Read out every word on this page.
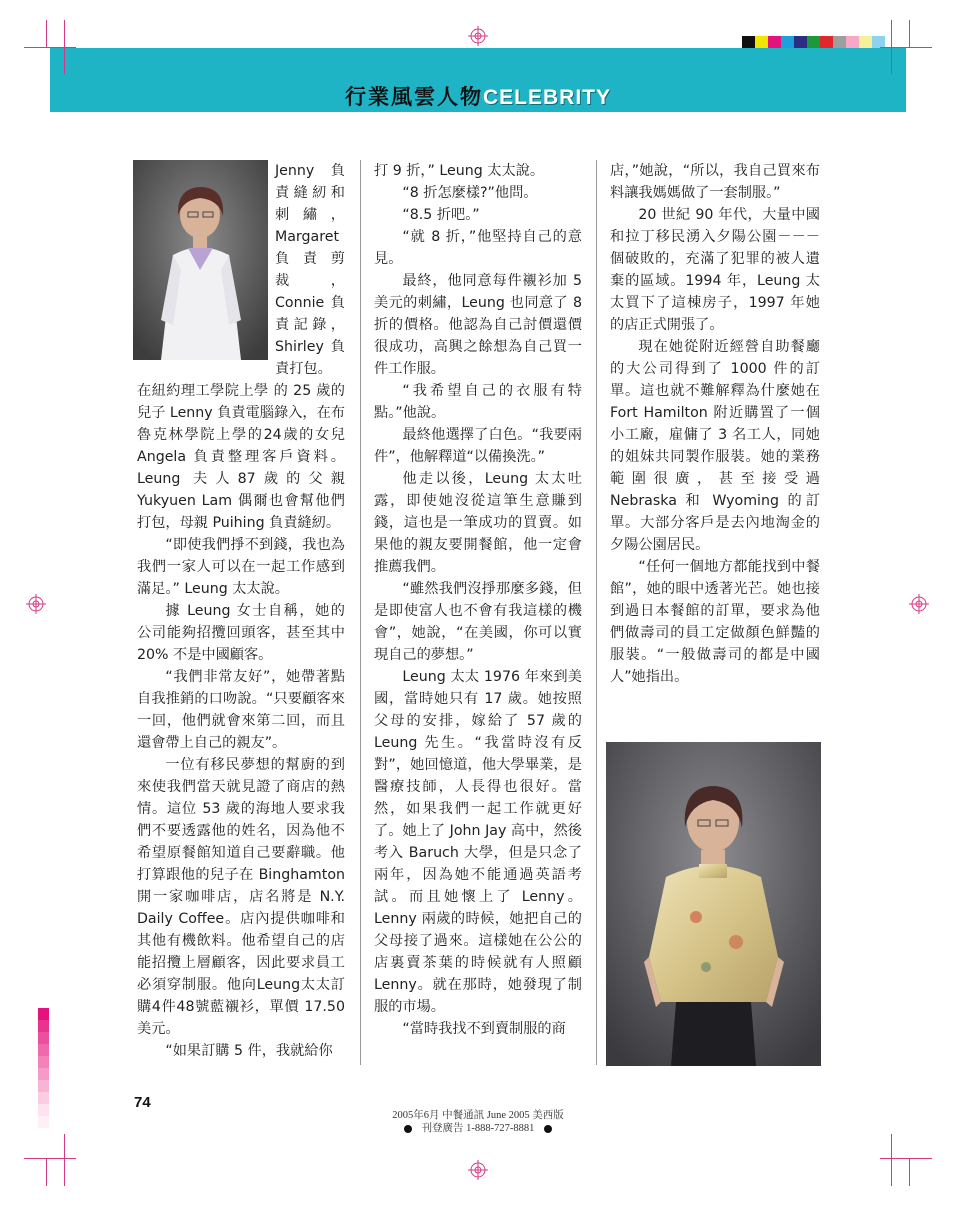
行業風雲人物CELEBRITY

Jenny 負責縫紉和刺繡，Margaret 負責剪裁，Connie 負責記錄，Shirley 負責打包。

在紐約理工學院上學 的 25 歲的兒子 Lenny 負責電腦錄入，在布魯克林學院上學的24歲的女兒 Angela 負責整理客戶資料。Leung 夫人87歲的父親Yukyuen Lam 偶爾也會幫他們打包，母親 Puihing 負責縫紉。

“即使我們掙不到錢，我也為我們一家人可以在一起工作感到滿足。” Leung 太太說。

據 Leung 女士自稱，她的公司能夠招攬回頭客，甚至其中 20% 不是中國顧客。

“我們非常友好”，她帶著點自我推銷的口吻說。“只要顧客來一回，他們就會來第二回，而且還會帶上自己的親友”。

一位有移民夢想的幫廚的到來使我們當天就見證了商店的熱情。這位 53 歲的海地人要求我們不要透露他的姓名，因為他不希望原餐館知道自己要辭職。他打算跟他的兒子在 Binghamton 開一家咖啡店，店名將是 N.Y. Daily Coffee。店內提供咖啡和其他有機飲料。他希望自己的店能招攬上層顧客，因此要求員工必須穿制服。他向Leung太太訂購4件48號藍襯衫，單價 17.50 美元。

“如果訂購 5 件，我就給你

打 9 折，” Leung 太太說。

“8 折怎麼樣?”他問。

“8.5 折吧。”

“就 8 折，”他堅持自己的意見。

最終，他同意每件襯衫加 5 美元的刺繡，Leung 也同意了 8 折的價格。他認為自己討價還價很成功，高興之餘想為自己買一件工作服。

“我希望自己的衣服有特點。”他說。

最終他選擇了白色。“我要兩件”，他解釋道“以備換洗。”

他走以後，Leung 太太吐露，即使她沒從這筆生意賺到錢，這也是一筆成功的買賣。如果他的親友要開餐館，他一定會推薦我們。

“雖然我們沒掙那麼多錢，但是即使富人也不會有我這樣的機會”，她說，“在美國，你可以實現自己的夢想。”

Leung 太太 1976 年來到美國，當時她只有 17 歲。她按照父母的安排，嫁給了 57 歲的 Leung 先生。“我當時沒有反對”，她回憶道，他大學畢業，是醫療技師，人長得也很好。當然，如果我們一起工作就更好了。她上了 John Jay 高中，然後考入 Baruch 大學，但是只念了兩年，因為她不能通過英語考試。而且她懷上了 Lenny。Lenny 兩歲的時候，她把自己的父母接了過來。這樣她在公公的店裏賣茶葉的時候就有人照顧 Lenny。就在那時，她發現了制服的市場。

“當時我找不到賣制服的商

店，”她說，“所以，我自己買來布料讓我媽媽做了一套制服。”

20 世紀 90 年代，大量中國和拉丁移民湧入夕陽公園－－－個破敗的，充滿了犯罪的被人遺棄的區域。1994 年，Leung 太太買下了這棟房子，1997 年她的店正式開張了。

現在她從附近經營自助餐廳的大公司得到了 1000 件的訂單。這也就不難解釋為什麼她在 Fort Hamilton 附近購置了一個小工廠，雇傭了 3 名工人，同她的姐妹共同製作服裝。她的業務範圍很廣，甚至接受過 Nebraska 和 Wyoming 的訂單。大部分客戶是去內地淘金的夕陽公園居民。

“任何一個地方都能找到中餐館”，她的眼中透著光芒。她也接到過日本餐館的訂單，要求為他們做壽司的員工定做顏色鮮豔的服裝。“一般做壽司的都是中國人”她指出。

74
2005年6月 中餐通訊 June 2005 美西版
刊登廣告 1-888-727-8881
